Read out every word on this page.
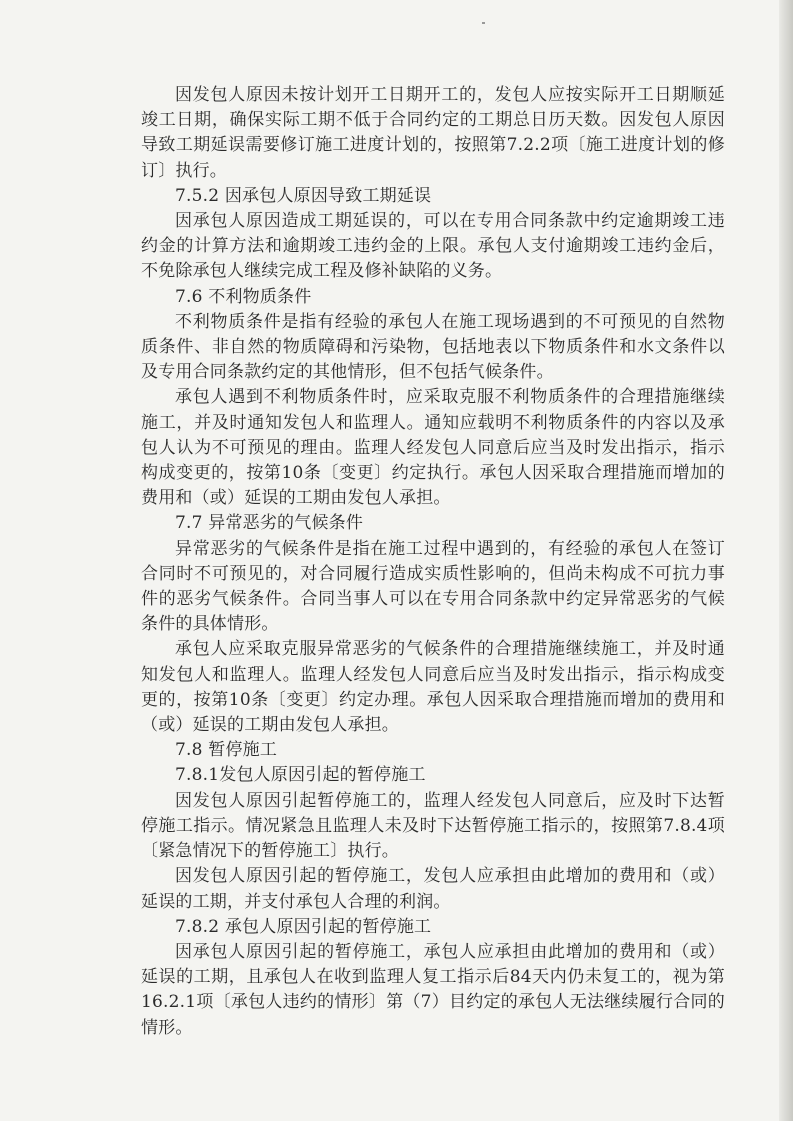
因发包人原因未按计划开工日期开工的，发包人应按实际开工日期顺延竣工日期，确保实际工期不低于合同约定的工期总日历天数。因发包人原因导致工期延误需要修订施工进度计划的，按照第7.2.2项〔施工进度计划的修订〕执行。

7.5.2 因承包人原因导致工期延误

因承包人原因造成工期延误的，可以在专用合同条款中约定逾期竣工违约金的计算方法和逾期竣工违约金的上限。承包人支付逾期竣工违约金后，不免除承包人继续完成工程及修补缺陷的义务。

7.6 不利物质条件

不利物质条件是指有经验的承包人在施工现场遇到的不可预见的自然物质条件、非自然的物质障碍和污染物，包括地表以下物质条件和水文条件以及专用合同条款约定的其他情形，但不包括气候条件。

承包人遇到不利物质条件时，应采取克服不利物质条件的合理措施继续施工，并及时通知发包人和监理人。通知应载明不利物质条件的内容以及承包人认为不可预见的理由。监理人经发包人同意后应当及时发出指示，指示构成变更的，按第10条〔变更〕约定执行。承包人因采取合理措施而增加的费用和（或）延误的工期由发包人承担。

7.7 异常恶劣的气候条件

异常恶劣的气候条件是指在施工过程中遇到的，有经验的承包人在签订合同时不可预见的，对合同履行造成实质性影响的，但尚未构成不可抗力事件的恶劣气候条件。合同当事人可以在专用合同条款中约定异常恶劣的气候条件的具体情形。

承包人应采取克服异常恶劣的气候条件的合理措施继续施工，并及时通知发包人和监理人。监理人经发包人同意后应当及时发出指示，指示构成变更的，按第10条〔变更〕约定办理。承包人因采取合理措施而增加的费用和（或）延误的工期由发包人承担。

7.8 暂停施工

7.8.1发包人原因引起的暂停施工

因发包人原因引起暂停施工的，监理人经发包人同意后，应及时下达暂停施工指示。情况紧急且监理人未及时下达暂停施工指示的，按照第7.8.4项〔紧急情况下的暂停施工〕执行。

因发包人原因引起的暂停施工，发包人应承担由此增加的费用和（或）延误的工期，并支付承包人合理的利润。

7.8.2 承包人原因引起的暂停施工

因承包人原因引起的暂停施工，承包人应承担由此增加的费用和（或）延误的工期，且承包人在收到监理人复工指示后84天内仍未复工的，视为第16.2.1项〔承包人违约的情形〕第（7）目约定的承包人无法继续履行合同的情形。
